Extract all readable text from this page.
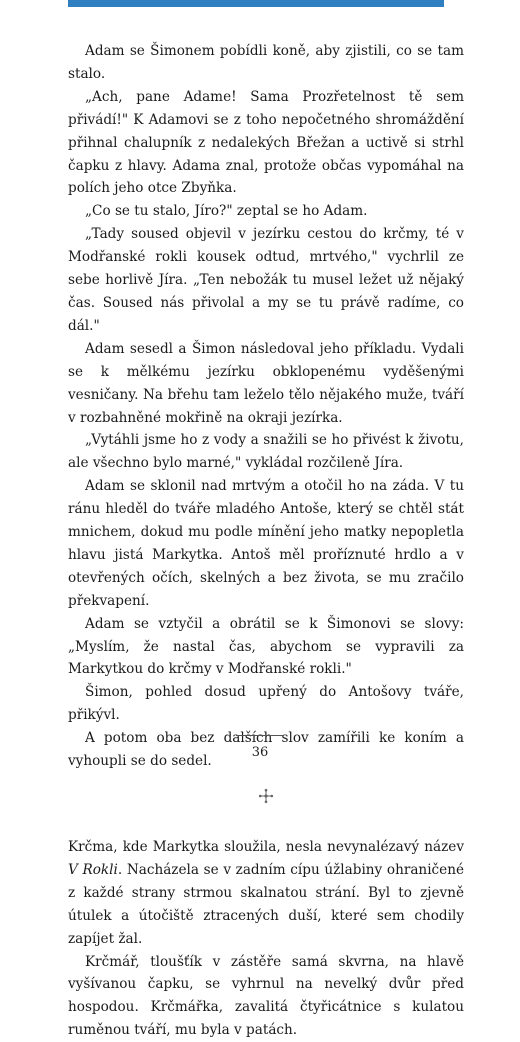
Adam se Šimonem pobídli koně, aby zjistili, co se tam stalo.

„Ach, pane Adame! Sama Prozřetelnost tě sem přivádí!" K Adamovi se z toho nepočetného shromáždění přihnal chalupník z nedalekých Břežan a uctivě si strhl čapku z hlavy. Adama znal, protože občas vypomáhal na polích jeho otce Zbyňka.

„Co se tu stalo, Jíro?" zeptal se ho Adam.

„Tady soused objevil v jezírku cestou do krčmy, té v Modřanské rokli kousek odtud, mrtvého," vychrlil ze sebe horlivě Jíra. „Ten nebožák tu musel ležet už nějaký čas. Soused nás přivolal a my se tu právě radíme, co dál."

Adam sesedl a Šimon následoval jeho příkladu. Vydali se k mělkému jezírku obklopenému vyděšenými vesničany. Na břehu tam leželo tělo nějakého muže, tváří v rozbahněné mokřině na okraji jezírka.

„Vytáhli jsme ho z vody a snažili se ho přivést k životu, ale všechno bylo marné," vykládal rozčileně Jíra.

Adam se sklonil nad mrtvým a otočil ho na záda. V tu ránu hleděl do tváře mladého Antoše, který se chtěl stát mnichem, dokud mu podle mínění jeho matky nepopletla hlavu jistá Markytka. Antoš měl proříznuté hrdlo a v otevřených očích, skelných a bez života, se mu zračilo překvapení.

Adam se vztyčil a obrátil se k Šimonovi se slovy: „Myslím, že nastal čas, abychom se vypravili za Markytkou do krčmy v Modřanské rokli."

Šimon, pohled dosud upřený do Antošovy tváře, přikývl.

A potom oba bez dalších slov zamířili ke koním a vyhoupli se do sedel.

Krčma, kde Markytka sloužila, nesla nevynalézavý název V Rokli. Nacházela se v zadním cípu úžlabiny ohraničené z každé strany strmou skalnatou strání. Byl to zjevně útulek a útočiště ztracených duší, které sem chodily zapíjet žal.

Krčmář, tloušťík v zástěře samá skvrna, na hlavě vyšívanou čapku, se vyhrnul na nevelký dvůr před hospodou. Krčmářka, zavalitá čtyřicátnice s kulatou ruměnou tváří, mu byla v patách.

36
